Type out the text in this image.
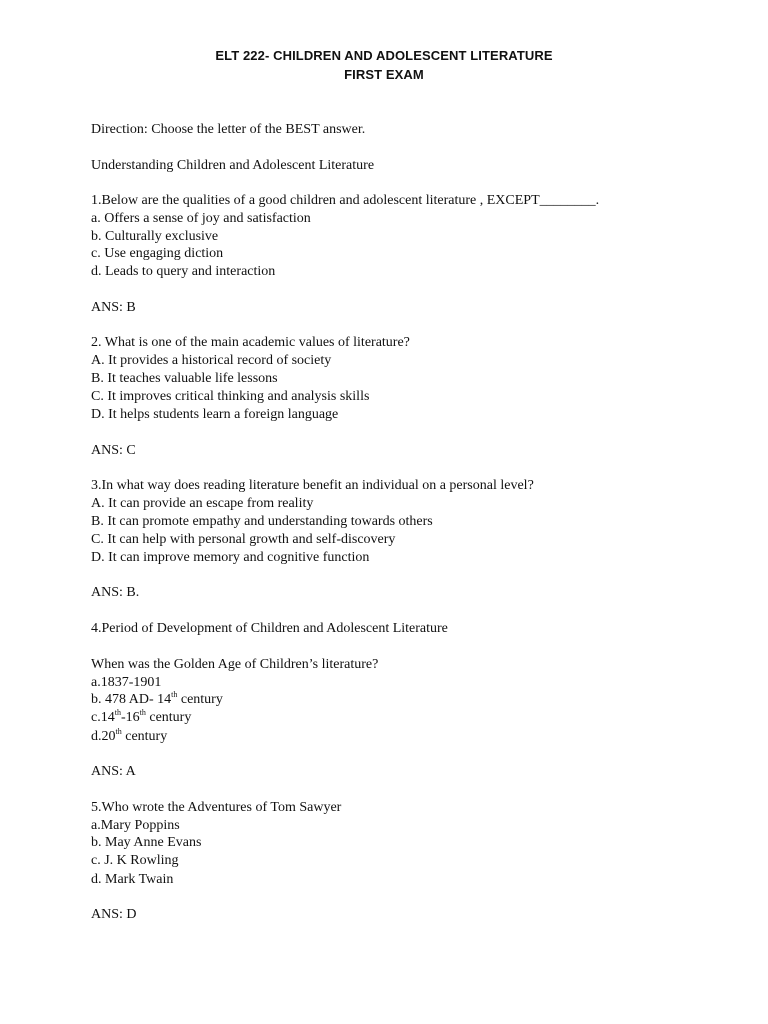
ELT 222- CHILDREN AND ADOLESCENT LITERATURE
FIRST EXAM
Direction: Choose the letter of the BEST answer.
Understanding Children and Adolescent Literature
1.Below are the qualities of a good children and adolescent literature , EXCEPT________.
a. Offers a sense of joy and satisfaction
b. Culturally exclusive
c. Use engaging diction
d. Leads to query and interaction
ANS: B
2. What is one of the main academic values of literature?
A. It provides a historical record of society
B. It teaches valuable life lessons
C. It improves critical thinking and analysis skills
D. It helps students learn a foreign language
ANS: C
3.In what way does reading literature benefit an individual on a personal level?
A. It can provide an escape from reality
B. It can promote empathy and understanding towards others
C. It can help with personal growth and self-discovery
D. It can improve memory and cognitive function
ANS: B.
4.Period of Development of Children and Adolescent Literature
When was the Golden Age of Children’s literature?
a.1837-1901
b. 478 AD- 14th century
c.14th-16th century
d.20th century
ANS: A
5.Who wrote the Adventures of Tom Sawyer
a.Mary Poppins
b. May Anne Evans
c. J. K Rowling
d. Mark Twain
ANS: D
